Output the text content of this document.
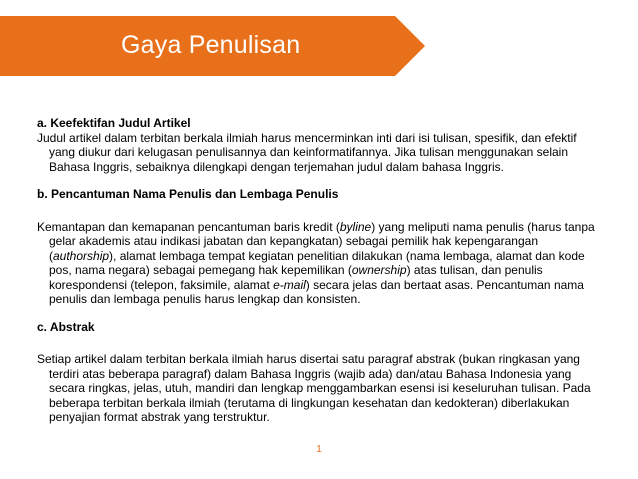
Gaya Penulisan

a. Keefektifan Judul Artikel

Judul artikel dalam terbitan berkala ilmiah harus mencerminkan inti dari isi tulisan, spesifik, dan efektif yang diukur dari kelugasan penulisannya dan keinformatifannya. Jika tulisan menggunakan selain Bahasa Inggris, sebaiknya dilengkapi dengan terjemahan judul dalam bahasa Inggris.

b. Pencantuman Nama Penulis dan Lembaga Penulis

Kemantapan dan kemapanan pencantuman baris kredit (byline) yang meliputi nama penulis (harus tanpa gelar akademis atau indikasi jabatan dan kepangkatan) sebagai pemilik hak kepengarangan (authorship), alamat lembaga tempat kegiatan penelitian dilakukan (nama lembaga, alamat dan kode pos, nama negara) sebagai pemegang hak kepemilikan (ownership) atas tulisan, dan penulis korespondensi (telepon, faksimile, alamat e-mail) secara jelas dan bertaat asas. Pencantuman nama penulis dan lembaga penulis harus lengkap dan konsisten.

c. Abstrak

Setiap artikel dalam terbitan berkala ilmiah harus disertai satu paragraf abstrak (bukan ringkasan yang terdiri atas beberapa paragraf) dalam Bahasa Inggris (wajib ada) dan/atau Bahasa Indonesia yang secara ringkas, jelas, utuh, mandiri dan lengkap menggambarkan esensi isi keseluruhan tulisan. Pada beberapa terbitan berkala ilmiah (terutama di lingkungan kesehatan dan kedokteran) diberlakukan penyajian format abstrak yang terstruktur.

1
